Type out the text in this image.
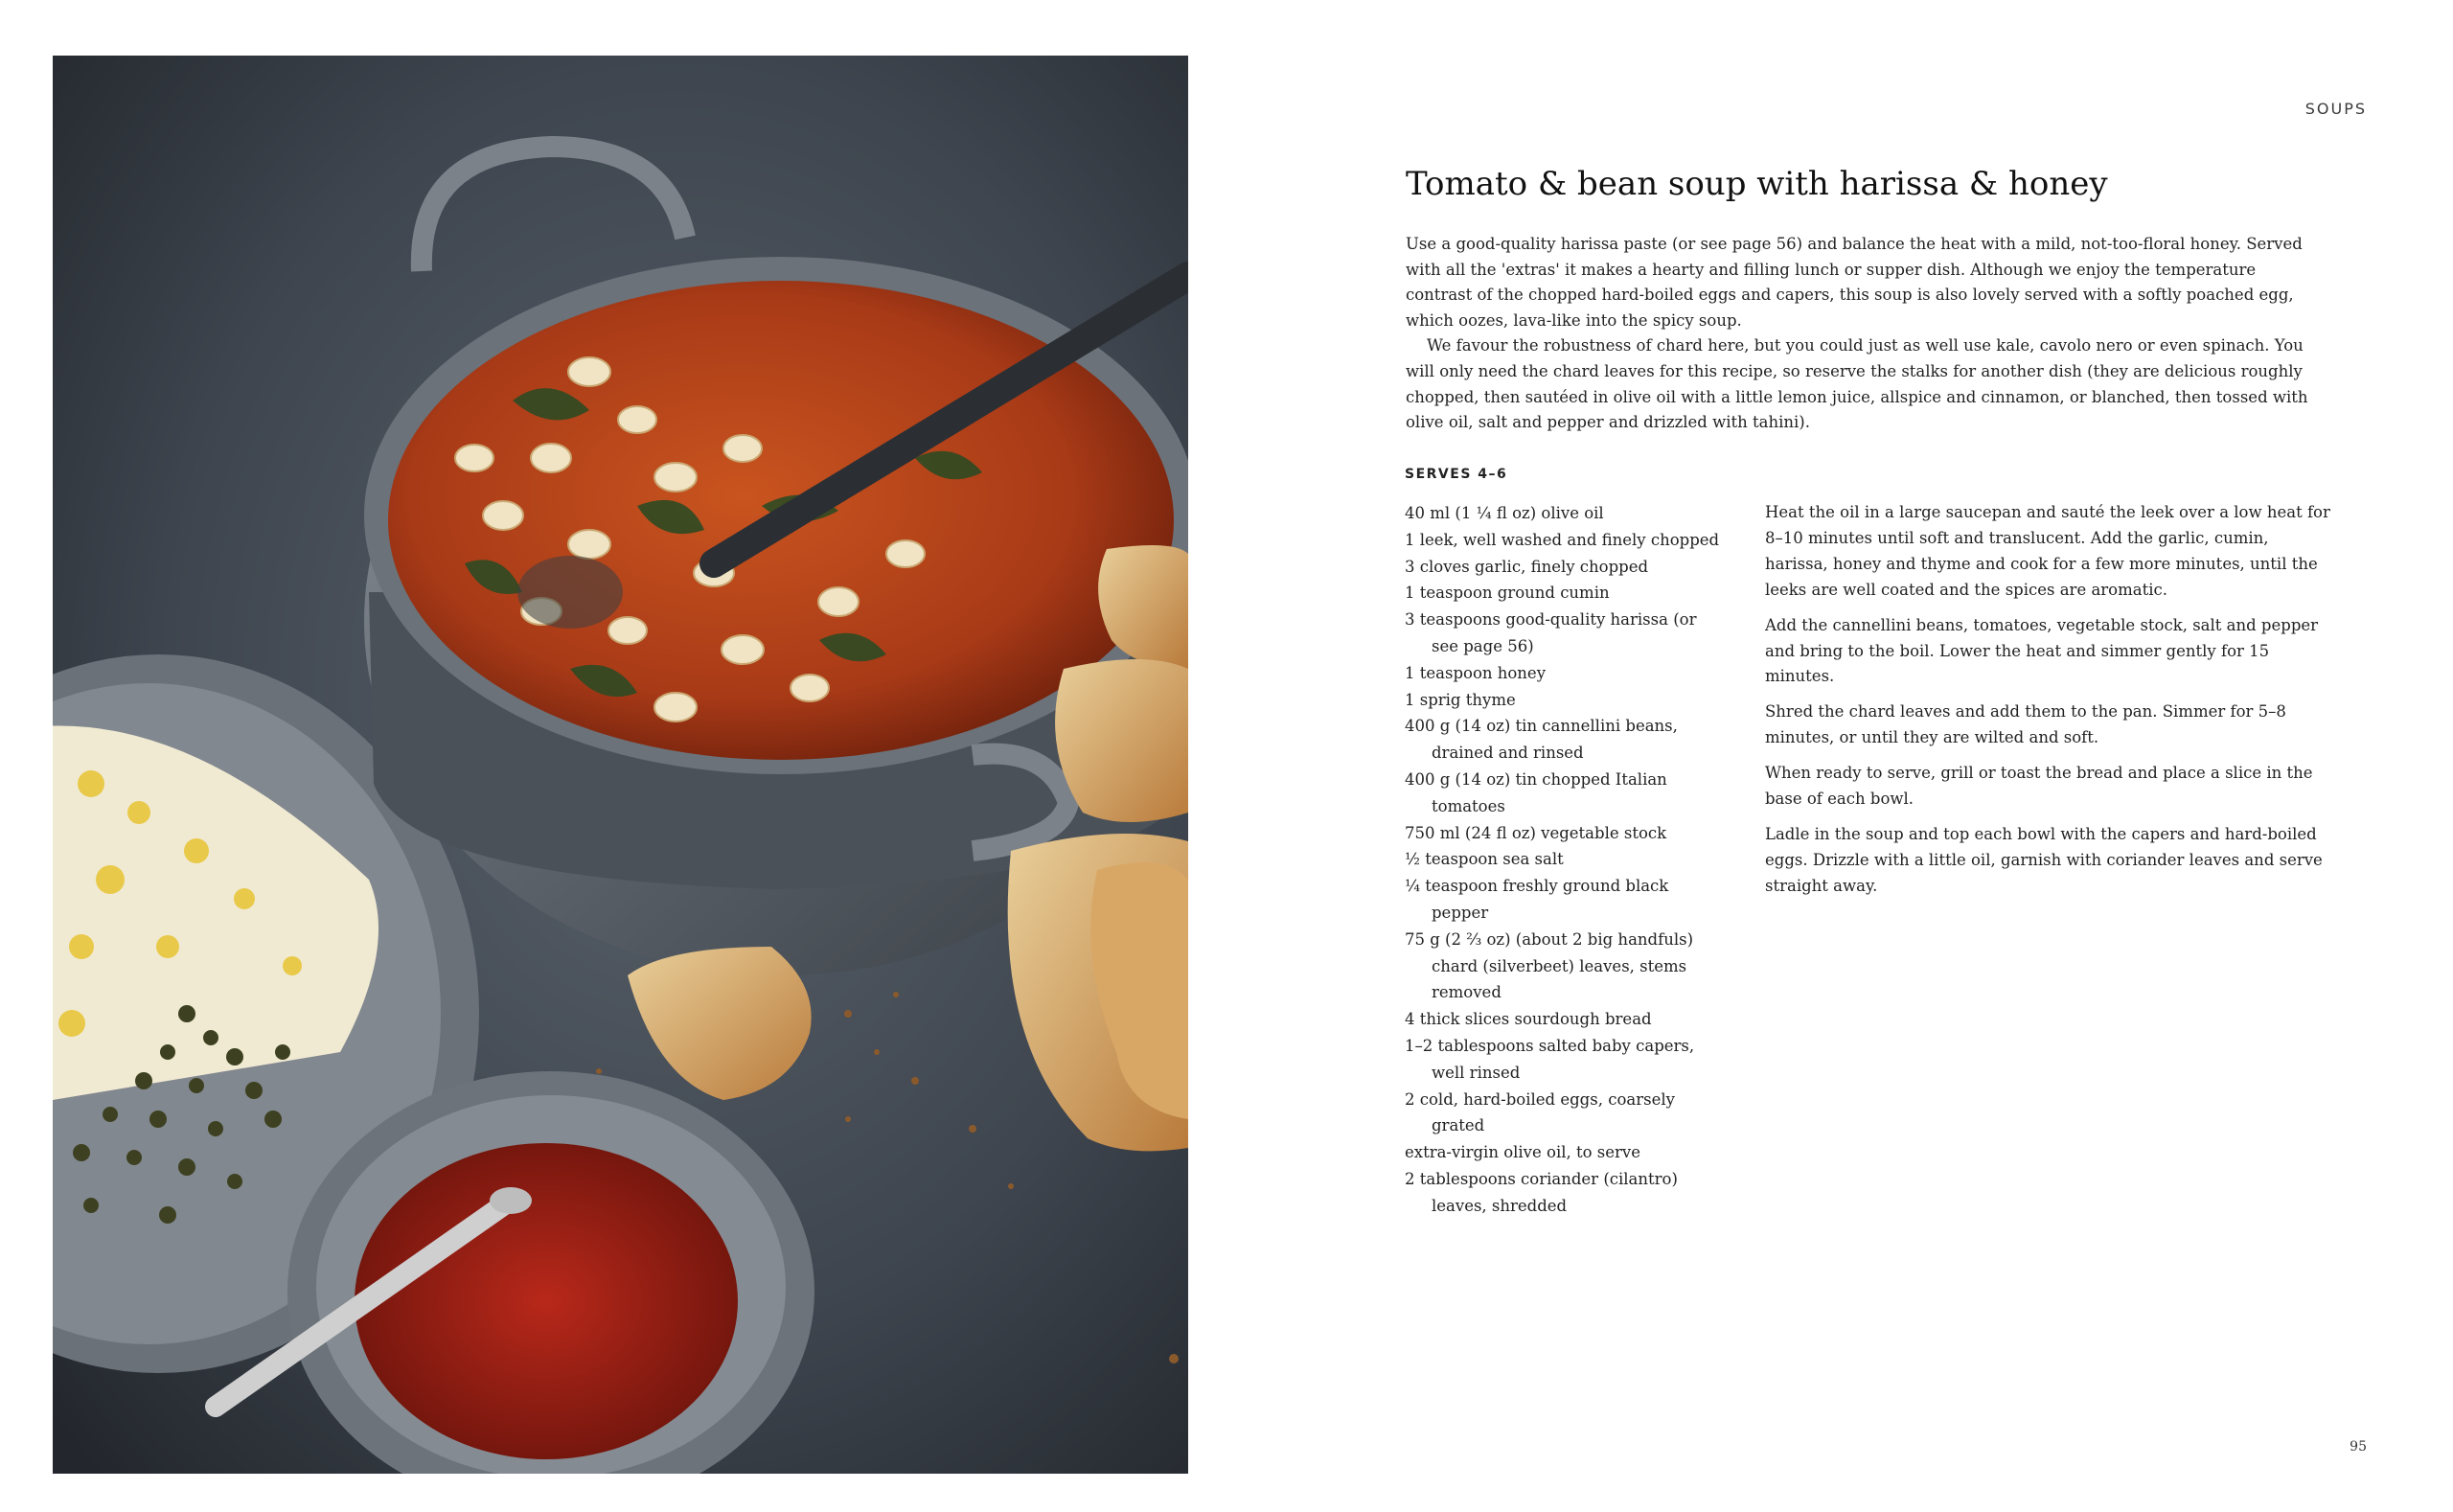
SOUPS
Tomato & bean soup with harissa & honey

Use a good-quality harissa paste (or see page 56) and balance the heat with a mild, not-too-floral honey. Served with all the 'extras' it makes a hearty and filling lunch or supper dish. Although we enjoy the temperature contrast of the chopped hard-boiled eggs and capers, this soup is also lovely served with a softly poached egg, which oozes, lava-like into the spicy soup.

We favour the robustness of chard here, but you could just as well use kale, cavolo nero or even spinach. You will only need the chard leaves for this recipe, so reserve the stalks for another dish (they are delicious roughly chopped, then sautéed in olive oil with a little lemon juice, allspice and cinnamon, or blanched, then tossed with olive oil, salt and pepper and drizzled with tahini).

SERVES 4–6
40 ml (1 ¼ fl oz) olive oil
1 leek, well washed and finely chopped
3 cloves garlic, finely chopped
1 teaspoon ground cumin
3 teaspoons good-quality harissa (or see page 56)
1 teaspoon honey
1 sprig thyme
400 g (14 oz) tin cannellini beans, drained and rinsed
400 g (14 oz) tin chopped Italian tomatoes
750 ml (24 fl oz) vegetable stock
½ teaspoon sea salt
¼ teaspoon freshly ground black pepper
75 g (2 ⅔ oz) (about 2 big handfuls) chard (silverbeet) leaves, stems removed
4 thick slices sourdough bread
1–2 tablespoons salted baby capers, well rinsed
2 cold, hard-boiled eggs, coarsely grated
extra-virgin olive oil, to serve
2 tablespoons coriander (cilantro) leaves, shredded

Heat the oil in a large saucepan and sauté the leek over a low heat for 8–10 minutes until soft and translucent. Add the garlic, cumin, harissa, honey and thyme and cook for a few more minutes, until the leeks are well coated and the spices are aromatic.

Add the cannellini beans, tomatoes, vegetable stock, salt and pepper and bring to the boil. Lower the heat and simmer gently for 15 minutes.

Shred the chard leaves and add them to the pan. Simmer for 5–8 minutes, or until they are wilted and soft.

When ready to serve, grill or toast the bread and place a slice in the base of each bowl.

Ladle in the soup and top each bowl with the capers and hard-boiled eggs. Drizzle with a little oil, garnish with coriander leaves and serve straight away.

95
